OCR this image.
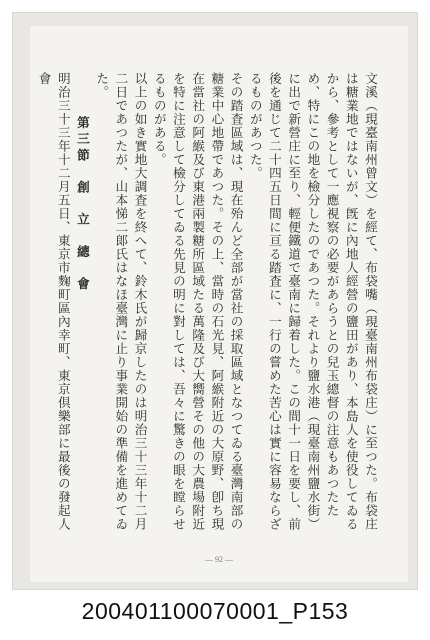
文溪（現臺南州曾文）を經て、布袋嘴（現臺南州布袋庄）に至つた。布袋庄は糖業地ではないが、旣に內地人經營の鹽田があり、本島人を使役してゐるから、參考として一應視察の必要があらうとの兒玉總督の注意もあつたため、特にこの地を檢分したのであつた。それより鹽水港（現臺南州鹽水街）に出で新營庄に至り、輕便鐵道で臺南に歸着した。この間十一日を要し、前後を通じて二十四五日間に亘る踏査に、一行の嘗めた苦心は實に容易ならざるものがあつた。
その踏査區域は、現在殆んど全部が當社の採取區域となつてゐる臺灣南部の糖業中心地帶であつた。その上、當時の石光見、阿緱附近の大原野、卽ち現在當社の阿緱及び東港兩製糖所區域たる萬隆及び大嚮營その他の大農場附近を特に注意して檢分してゐる先見の明に對しては、吾々に驚きの眼を瞠らせるものがある。
以上の如き實地大調査を終へて、鈴木氏が歸京したのは明治三十三年十二月二日であつたが、山本悌二郞氏はなほ臺灣に止り事業開始の準備を進めてゐた。
第三節　創　立　總　會
明治三十三年十二月五日、東京市麴町區內幸町、東京倶樂部に最後の發起人會
— 92 —
200401100070001_P153
